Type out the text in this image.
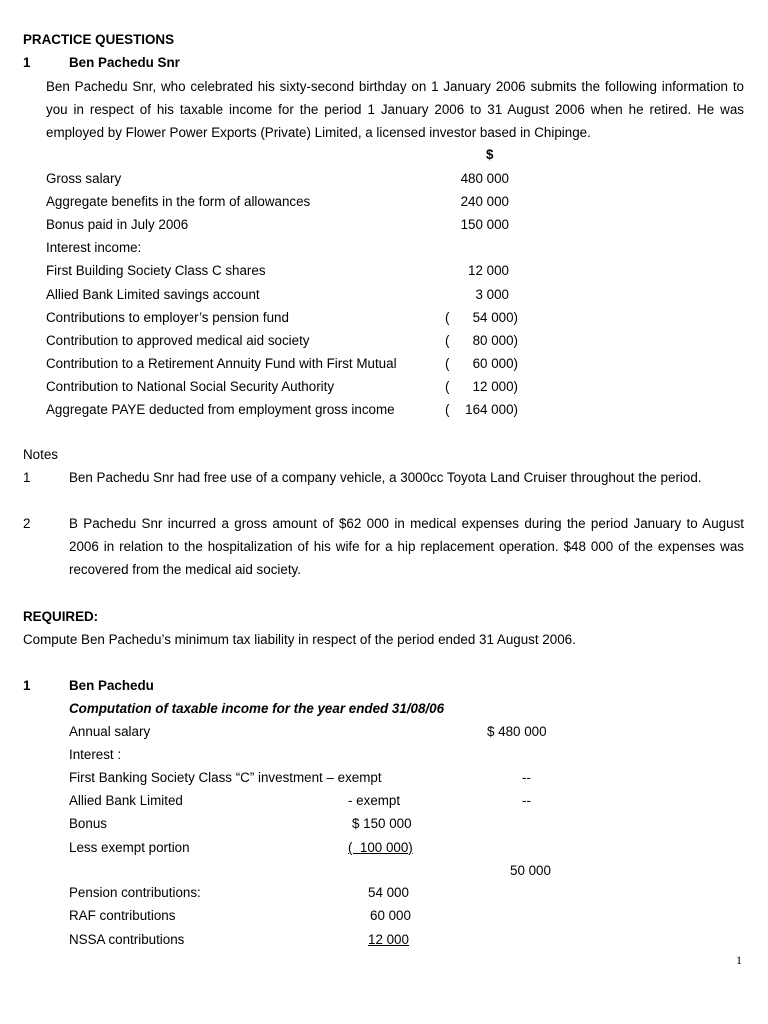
PRACTICE QUESTIONS
1	Ben Pachedu Snr
Ben Pachedu Snr, who celebrated his sixty-second birthday on 1 January 2006 submits the following information to you in respect of his taxable income for the period 1 January 2006 to 31 August 2006 when he retired. He was employed by Flower Power Exports (Private) Limited, a licensed investor based in Chipinge.
$
Gross salary	480 000
Aggregate benefits in the form of allowances	240 000
Bonus paid in July 2006	150 000
Interest income:
First Building Society Class C shares	12 000
Allied Bank Limited savings account	3 000
Contributions to employer’s pension fund	( 54 000)
Contribution to approved medical aid society	( 80 000)
Contribution to a Retirement Annuity Fund with First Mutual	( 60 000)
Contribution to National Social Security Authority	( 12 000)
Aggregate PAYE deducted from employment gross income	( 164 000)
Notes
1	Ben Pachedu Snr had free use of a company vehicle, a 3000cc Toyota Land Cruiser throughout the period.
2	B Pachedu Snr incurred a gross amount of $62 000 in medical expenses during the period January to August 2006 in relation to the hospitalization of his wife for a hip replacement operation. $48 000 of the expenses was recovered from the medical aid society.
REQUIRED:
Compute Ben Pachedu’s minimum tax liability in respect of the period ended 31 August 2006.
1	Ben Pachedu
Computation of taxable income for the year ended 31/08/06
Annual salary	$ 480 000
Interest :
First Banking Society Class “C” investment – exempt	--
Allied Bank Limited	- exempt	--
Bonus	$ 150 000
Less exempt portion	(  100 000)
50 000
Pension contributions:	54 000
RAF contributions	60 000
NSSA contributions	12 000
1
